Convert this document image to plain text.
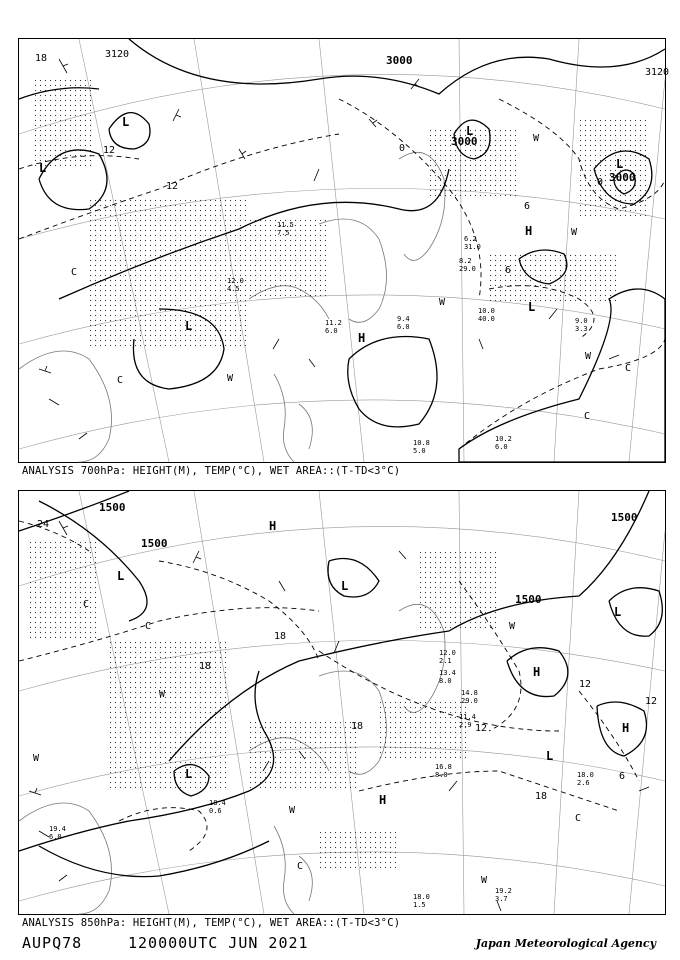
3120	3000
3000
3000
3120
18
12
12
6
0
0
6
L
L
L
L
H
H
L
L
C
C	W
W
W
W
C
C
W
11.2
6.0
10.0
40.0	9.0
3.3
10.8
5.0
10.2
6.0
8.2
29.0
6.2
31.0
12.0
4.5
11.5
7.5
9.4
6.0
ANALYSIS 700hPa: HEIGHT(M), TEMP(°C), WET AREA::(T-TD<3°C)
1500
1500
1500
1500
24
18
18
12
12
12
18
18
6
L
L
L
L
H
H
L
H
H
C
C
W
W
W
W
C
W
C
19.2
3.7
18.0
1.5
16.8
8.0	18.0
2.6
14.8
29.0
11.4
2.9
19.4
6.0
18.4
0.6
13.4
8.0
12.0
2.1
ANALYSIS 850hPa: HEIGHT(M), TEMP(°C), WET AREA::(T-TD<3°C)
AUPQ78	120000UTC JUN 2021	Japan Meteorological Agency
